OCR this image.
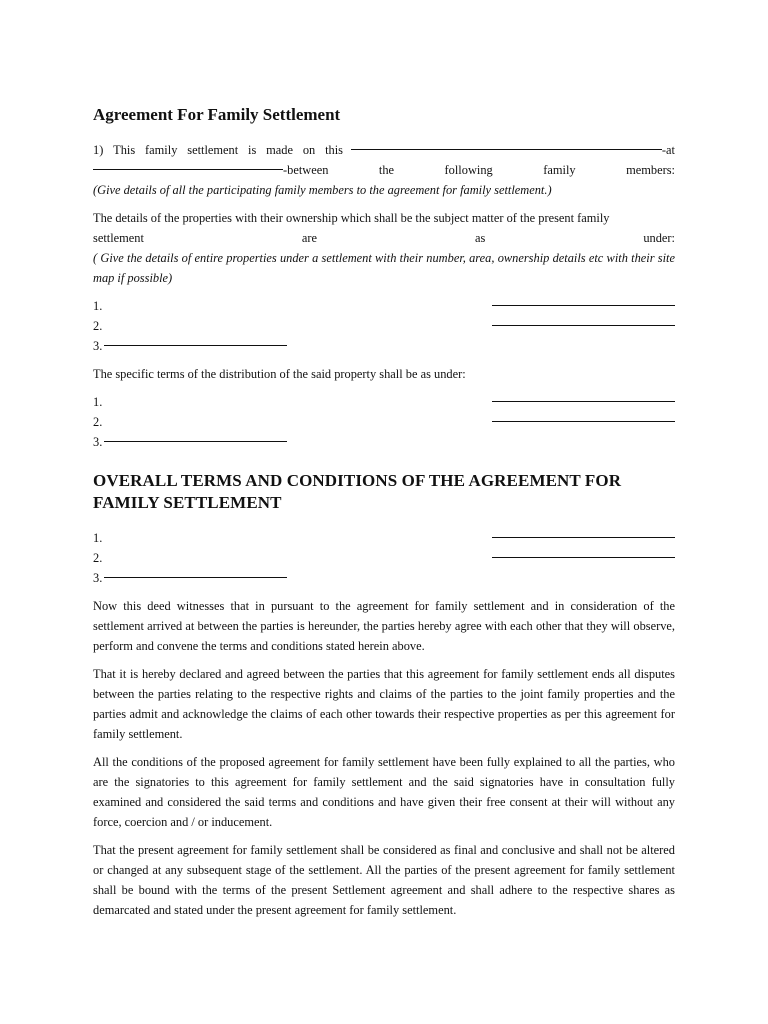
Agreement For Family Settlement
1) This family settlement is made on this	-at
-between	the	following	family	members:

(Give details of all the participating family members to the agreement for family settlement.)

The details of the properties with their ownership which shall be the subject matter of the present family

settlement	are	as	under:

( Give the details of entire properties under a settlement with their number, area, ownership details etc with their site map if possible)

1.
2.
3.

The specific terms of the distribution of the said property shall be as under:

1.
2.
3.
OVERALL TERMS AND CONDITIONS OF THE AGREEMENT FOR FAMILY SETTLEMENT
1.
2.
3.

Now this deed witnesses that in pursuant to the agreement for family settlement and in consideration of the settlement arrived at between the parties is hereunder, the parties hereby agree with each other that they will observe, perform and convene the terms and conditions stated herein above.

That it is hereby declared and agreed between the parties that this agreement for family settlement ends all disputes between the parties relating to the respective rights and claims of the parties to the joint family properties and the parties admit and acknowledge the claims of each other towards their respective properties as per this agreement for family settlement.

All the conditions of the proposed agreement for family settlement have been fully explained to all the parties, who are the signatories to this agreement for family settlement and the said signatories have in consultation fully examined and considered the said terms and conditions and have given their free consent at their will without any force, coercion and / or inducement.

That the present agreement for family settlement shall be considered as final and conclusive and shall not be altered or changed at any subsequent stage of the settlement. All the parties of the present agreement for family settlement shall be bound with the terms of the present Settlement agreement and shall adhere to the respective shares as demarcated and stated under the present agreement for family settlement.
